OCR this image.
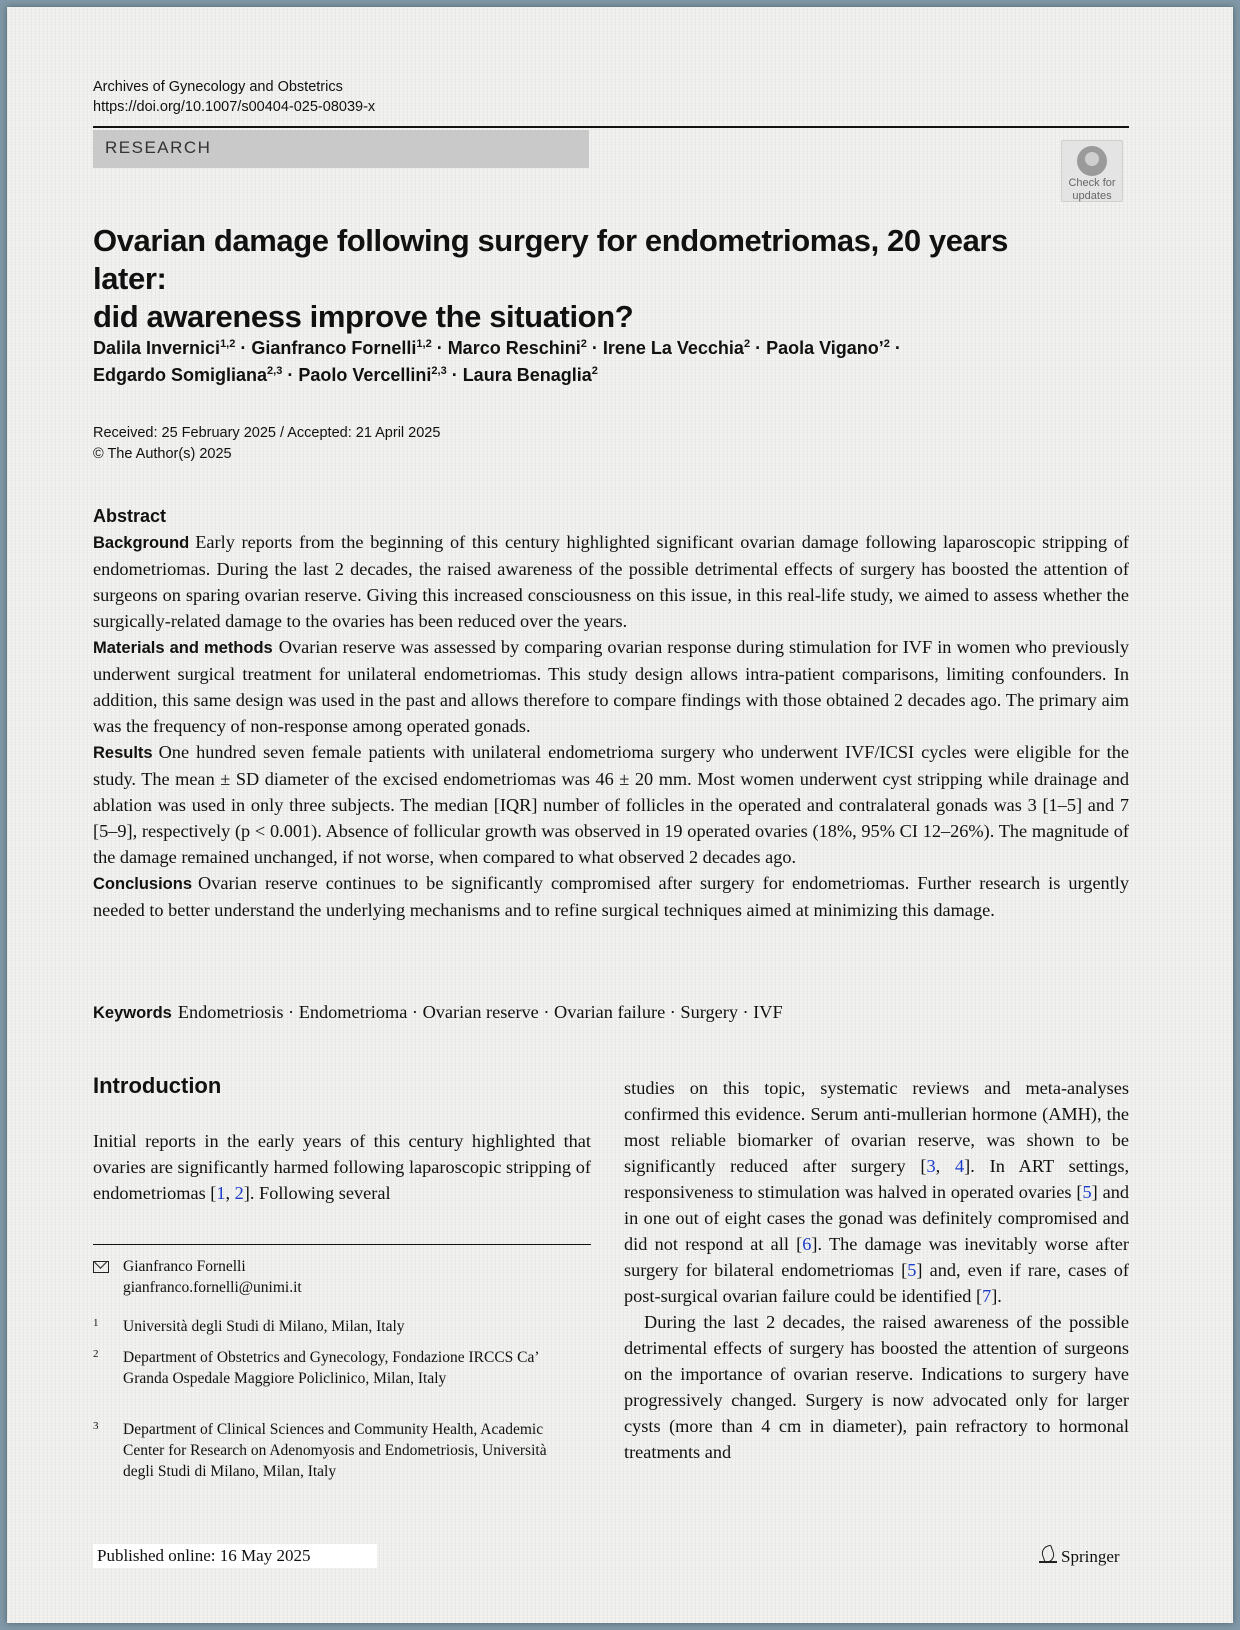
Archives of Gynecology and Obstetrics
https://doi.org/10.1007/s00404-025-08039-x
RESEARCH
Check for
updates
Ovarian damage following surgery for endometriomas, 20 years later:
did awareness improve the situation?
Dalila Invernici$^{1,2}$ · Gianfranco Fornelli$^{1,2}$ · Marco Reschini$^2$ · Irene La Vecchia$^2$ · Paola Viganoʼ$^2$ ·
Edgardo Somigliana$^{2,3}$ · Paolo Vercellini$^{2,3}$ · Laura Benaglia$^2$
Received: 25 February 2025 / Accepted: 21 April 2025
© The Author(s) 2025
Abstract

Background Early reports from the beginning of this century highlighted significant ovarian damage following laparoscopic stripping of endometriomas. During the last 2 decades, the raised awareness of the possible detrimental effects of surgery has boosted the attention of surgeons on sparing ovarian reserve. Giving this increased consciousness on this issue, in this real-life study, we aimed to assess whether the surgically-related damage to the ovaries has been reduced over the years.

Materials and methods Ovarian reserve was assessed by comparing ovarian response during stimulation for IVF in women who previously underwent surgical treatment for unilateral endometriomas. This study design allows intra-patient comparisons, limiting confounders. In addition, this same design was used in the past and allows therefore to compare findings with those obtained 2 decades ago. The primary aim was the frequency of non-response among operated gonads.

Results One hundred seven female patients with unilateral endometrioma surgery who underwent IVF/ICSI cycles were eligible for the study. The mean ± SD diameter of the excised endometriomas was 46 ± 20 mm. Most women underwent cyst stripping while drainage and ablation was used in only three subjects. The median [IQR] number of follicles in the operated and contralateral gonads was 3 [1–5] and 7 [5–9], respectively (p < 0.001). Absence of follicular growth was observed in 19 operated ovaries (18%, 95% CI 12–26%). The magnitude of the damage remained unchanged, if not worse, when compared to what observed 2 decades ago.

Conclusions Ovarian reserve continues to be significantly compromised after surgery for endometriomas. Further research is urgently needed to better understand the underlying mechanisms and to refine surgical techniques aimed at minimizing this damage.

Keywords Endometriosis · Endometrioma · Ovarian reserve · Ovarian failure · Surgery · IVF
Introduction
Initial reports in the early years of this century highlighted that ovaries are significantly harmed following laparoscopic stripping of endometriomas [1, 2]. Following several

studies on this topic, systematic reviews and meta-analyses confirmed this evidence. Serum anti-mullerian hormone (AMH), the most reliable biomarker of ovarian reserve, was shown to be significantly reduced after surgery [3, 4]. In ART settings, responsiveness to stimulation was halved in operated ovaries [5] and in one out of eight cases the gonad was definitely compromised and did not respond at all [6]. The damage was inevitably worse after surgery for bilateral endometriomas [5] and, even if rare, cases of post-surgical ovarian failure could be identified [7].

During the last 2 decades, the raised awareness of the possible detrimental effects of surgery has boosted the attention of surgeons on the importance of ovarian reserve. Indications to surgery have progressively changed. Surgery is now advocated only for larger cysts (more than 4 cm in diameter), pain refractory to hormonal treatments and

Gianfranco Fornelli
gianfranco.fornelli@unimi.it
1 Università degli Studi di Milano, Milan, Italy
2 Department of Obstetrics and Gynecology, Fondazione IRCCS Ca’ Granda Ospedale Maggiore Policlinico, Milan, Italy
3 Department of Clinical Sciences and Community Health, Academic Center for Research on Adenomyosis and Endometriosis, Università degli Studi di Milano, Milan, Italy
Published online: 16 May 2025	Springer
